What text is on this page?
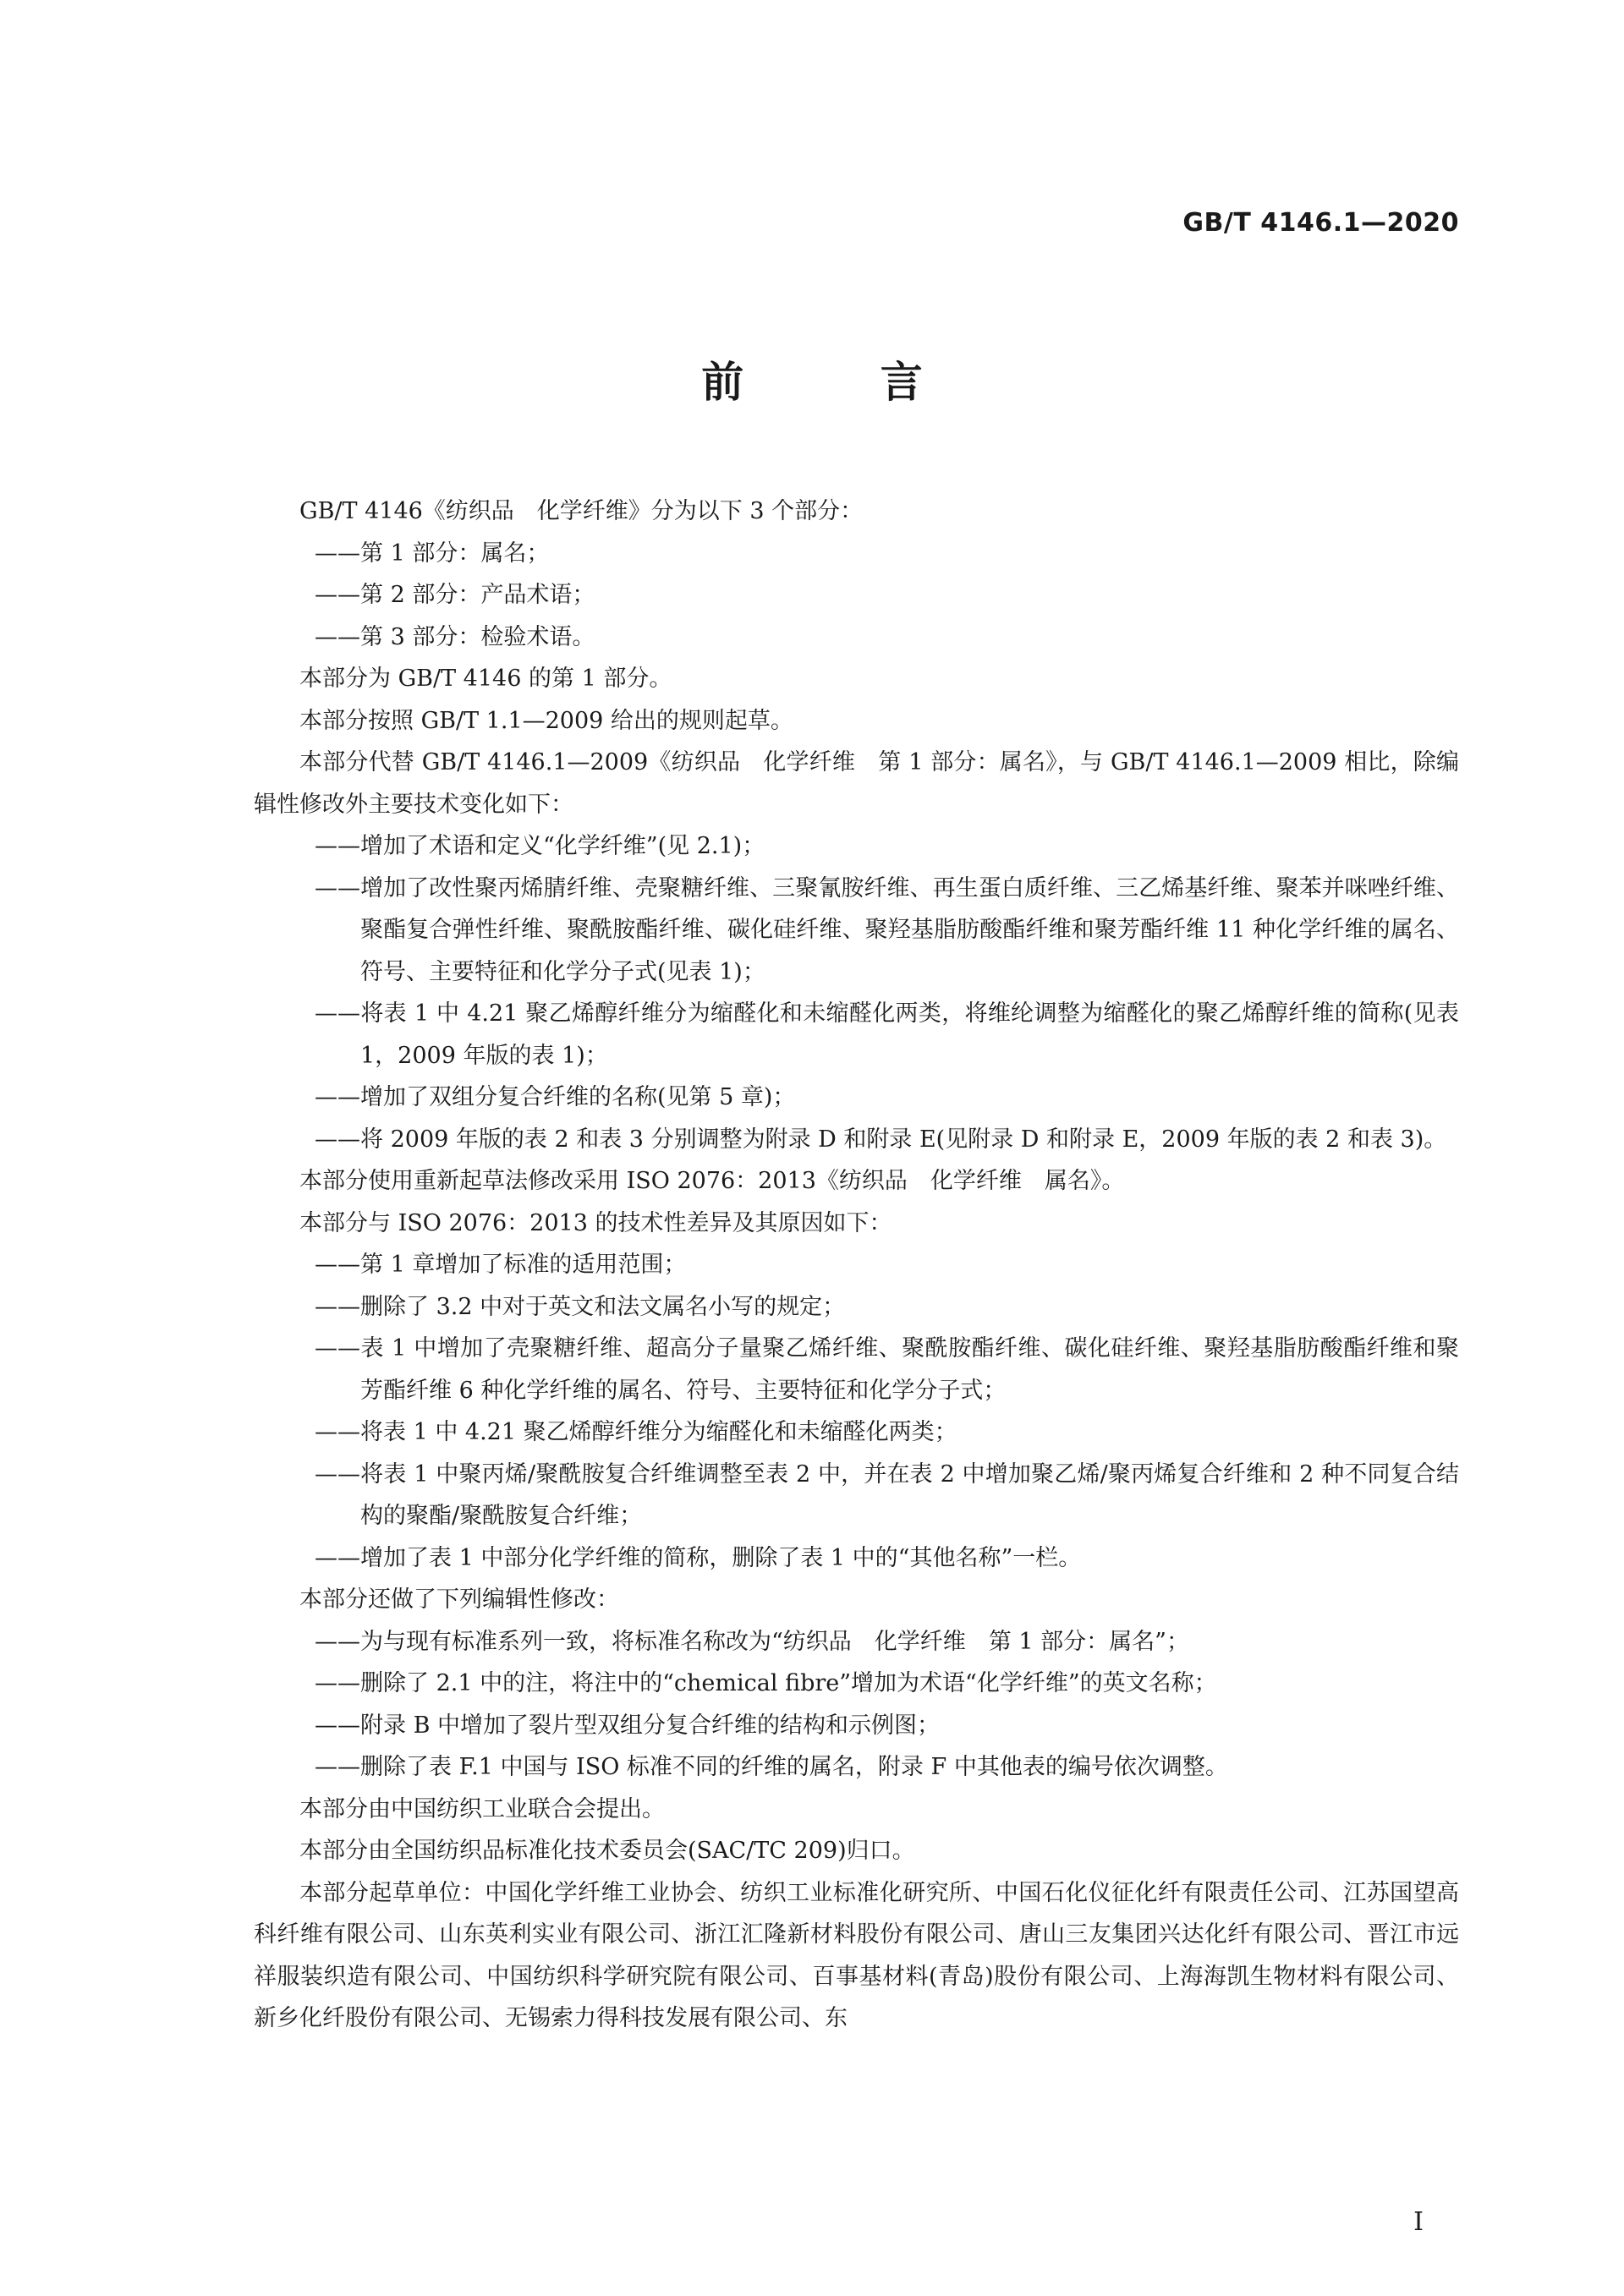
GB/T 4146.1—2020
前 言

GB/T 4146《纺织品　化学纤维》分为以下 3 个部分：

——第 1 部分：属名；

——第 2 部分：产品术语；

——第 3 部分：检验术语。

本部分为 GB/T 4146 的第 1 部分。

本部分按照 GB/T 1.1—2009 给出的规则起草。

本部分代替 GB/T 4146.1—2009《纺织品　化学纤维　第 1 部分：属名》，与 GB/T 4146.1—2009 相比，除编辑性修改外主要技术变化如下：

——增加了术语和定义“化学纤维”(见 2.1)；

——增加了改性聚丙烯腈纤维、壳聚糖纤维、三聚氰胺纤维、再生蛋白质纤维、三乙烯基纤维、聚苯并咪唑纤维、聚酯复合弹性纤维、聚酰胺酯纤维、碳化硅纤维、聚羟基脂肪酸酯纤维和聚芳酯纤维 11 种化学纤维的属名、符号、主要特征和化学分子式(见表 1)；

——将表 1 中 4.21 聚乙烯醇纤维分为缩醛化和未缩醛化两类，将维纶调整为缩醛化的聚乙烯醇纤维的简称(见表 1，2009 年版的表 1)；

——增加了双组分复合纤维的名称(见第 5 章)；

——将 2009 年版的表 2 和表 3 分别调整为附录 D 和附录 E(见附录 D 和附录 E，2009 年版的表 2 和表 3)。

本部分使用重新起草法修改采用 ISO 2076：2013《纺织品　化学纤维　属名》。

本部分与 ISO 2076：2013 的技术性差异及其原因如下：

——第 1 章增加了标准的适用范围；

——删除了 3.2 中对于英文和法文属名小写的规定；

——表 1 中增加了壳聚糖纤维、超高分子量聚乙烯纤维、聚酰胺酯纤维、碳化硅纤维、聚羟基脂肪酸酯纤维和聚芳酯纤维 6 种化学纤维的属名、符号、主要特征和化学分子式；

——将表 1 中 4.21 聚乙烯醇纤维分为缩醛化和未缩醛化两类；

——将表 1 中聚丙烯/聚酰胺复合纤维调整至表 2 中，并在表 2 中增加聚乙烯/聚丙烯复合纤维和 2 种不同复合结构的聚酯/聚酰胺复合纤维；

——增加了表 1 中部分化学纤维的简称，删除了表 1 中的“其他名称”一栏。

本部分还做了下列编辑性修改：

——为与现有标准系列一致，将标准名称改为“纺织品　化学纤维　第 1 部分：属名”；

——删除了 2.1 中的注，将注中的“chemical fibre”增加为术语“化学纤维”的英文名称；

——附录 B 中增加了裂片型双组分复合纤维的结构和示例图；

——删除了表 F.1 中国与 ISO 标准不同的纤维的属名，附录 F 中其他表的编号依次调整。

本部分由中国纺织工业联合会提出。

本部分由全国纺织品标准化技术委员会(SAC/TC 209)归口。

本部分起草单位：中国化学纤维工业协会、纺织工业标准化研究所、中国石化仪征化纤有限责任公司、江苏国望高科纤维有限公司、山东英利实业有限公司、浙江汇隆新材料股份有限公司、唐山三友集团兴达化纤有限公司、晋江市远祥服装织造有限公司、中国纺织科学研究院有限公司、百事基材料(青岛)股份有限公司、上海海凯生物材料有限公司、新乡化纤股份有限公司、无锡索力得科技发展有限公司、东

Ⅰ
